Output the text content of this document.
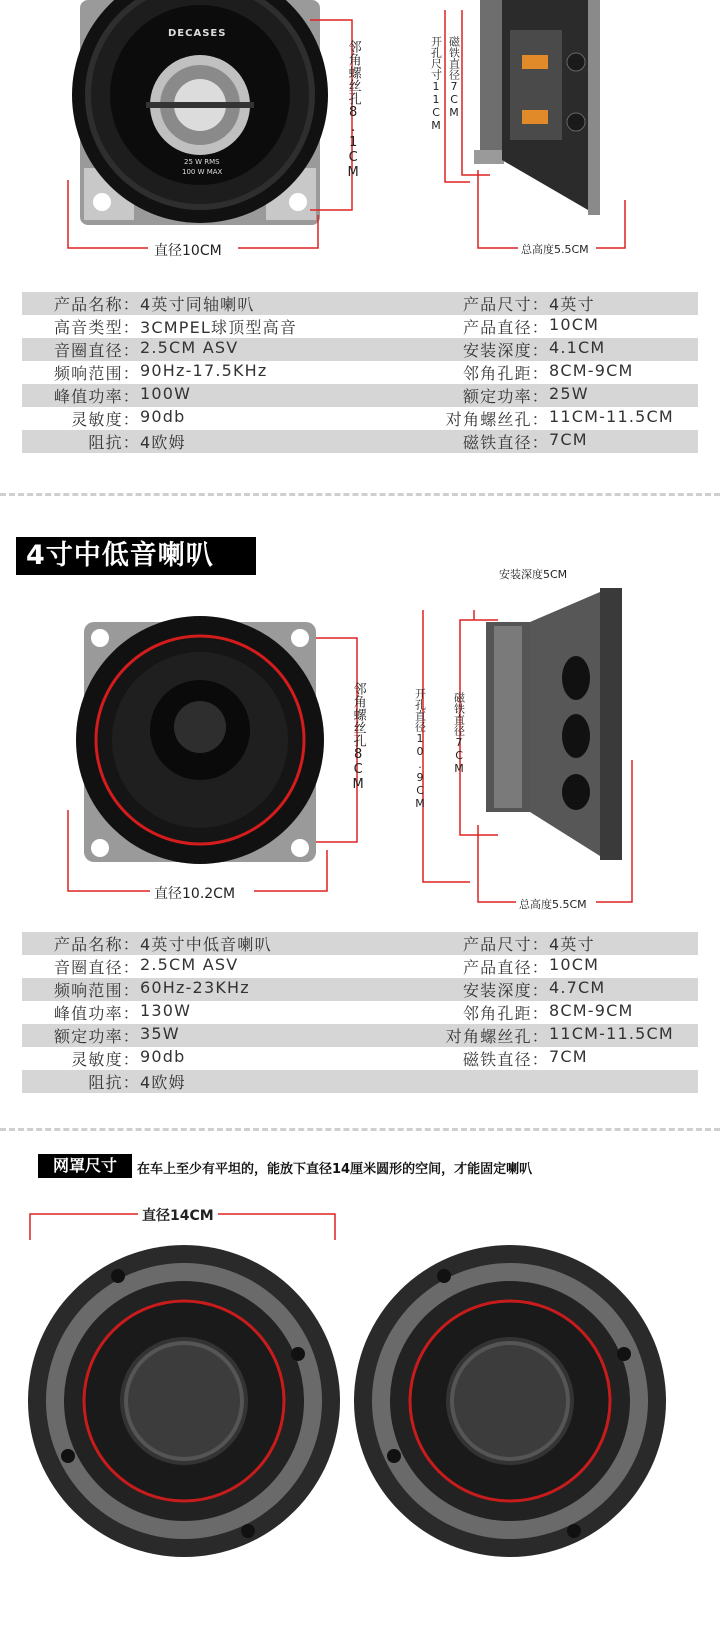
DECASES
25 W RMS
100 W MAX
直径10CM
邻角螺丝孔8.1CM	开孔尺寸11CM 磁铁直径7CM
总高度5.5CM
产品名称： 4英寸同轴喇叭	产品尺寸： 4英寸
高音类型： 3CMPEL球顶型高音	产品直径： 10CM
音圈直径： 2.5CM ASV	安装深度： 4.1CM
频响范围： 90Hz-17.5KHz	邻角孔距： 8CM-9CM
峰值功率： 100W	额定功率： 25W
灵敏度： 90db	对角螺丝孔： 11CM-11.5CM
阻抗： 4欧姆	磁铁直径： 7CM
4寸中低音喇叭
直径10.2CM
邻角螺丝孔8CM
安装深度5CM
开孔直径10.9CM 磁铁直径7CM
总高度5.5CM
产品名称： 4英寸中低音喇叭	产品尺寸： 4英寸
音圈直径： 2.5CM ASV	产品直径： 10CM
频响范围： 60Hz-23KHz	安装深度： 4.7CM
峰值功率： 130W	邻角孔距： 8CM-9CM
额定功率： 35W	对角螺丝孔： 11CM-11.5CM
灵敏度： 90db	磁铁直径： 7CM
阻抗： 4欧姆
网罩尺寸	在车上至少有平坦的，能放下直径14厘米圆形的空间，才能固定喇叭
直径14CM
